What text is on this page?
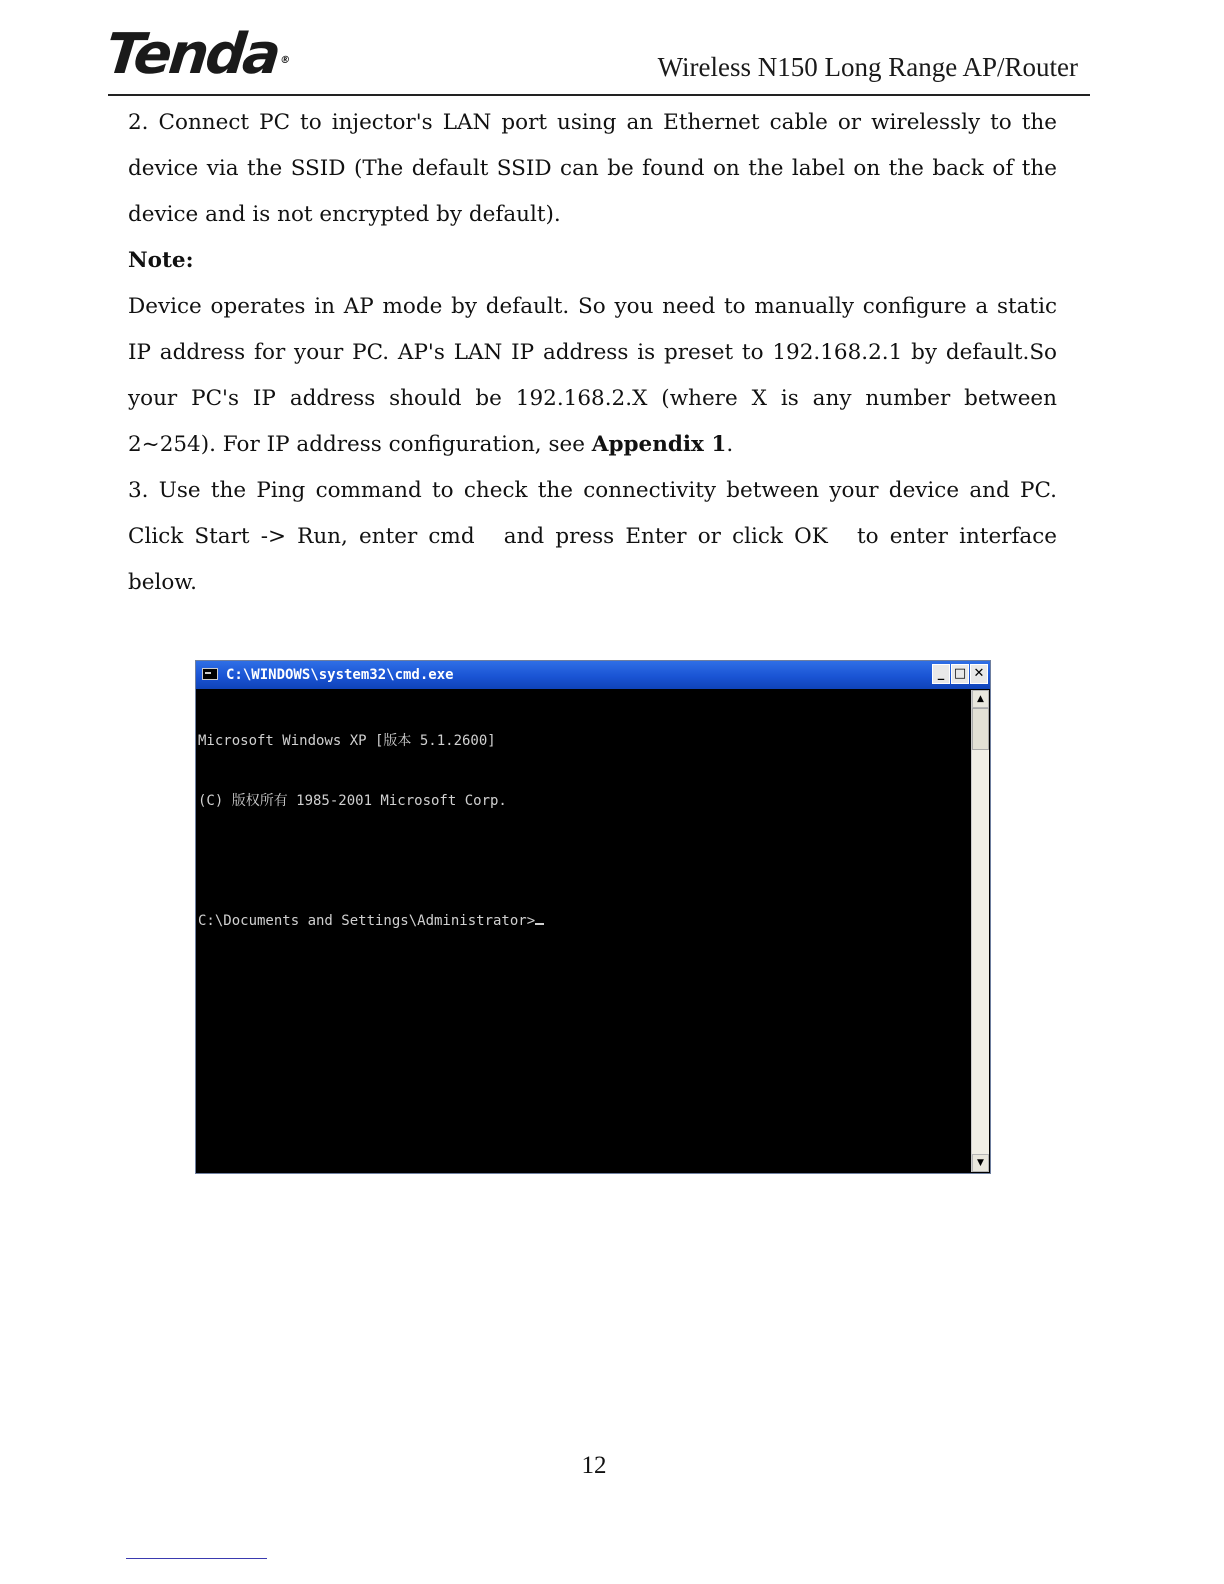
Tenda®	Wireless N150 Long Range AP/Router

2. Connect PC to injector's LAN port using an Ethernet cable or wirelessly to the device via the SSID (The default SSID can be found on the label on the back of the device and is not encrypted by default).

Note:

Device operates in AP mode by default. So you need to manually configure a static IP address for your PC. AP's LAN IP address is preset to 192.168.2.1 by default.So your PC's IP address should be 192.168.2.X (where X is any number between 2~254). For IP address configuration, see Appendix 1.

3. Use the Ping command to check the connectivity between your device and PC. Click Start -> Run, enter cmd and press Enter or click OK to enter interface below.

C:\WINDOWS\system32\cmd.exe	_ □ ✕

Microsoft Windows XP [版本 5.1.2600]

(C) 版权所有 1985-2001 Microsoft Corp.

C:\Documents and Settings\Administrator>

▲
▼
12
